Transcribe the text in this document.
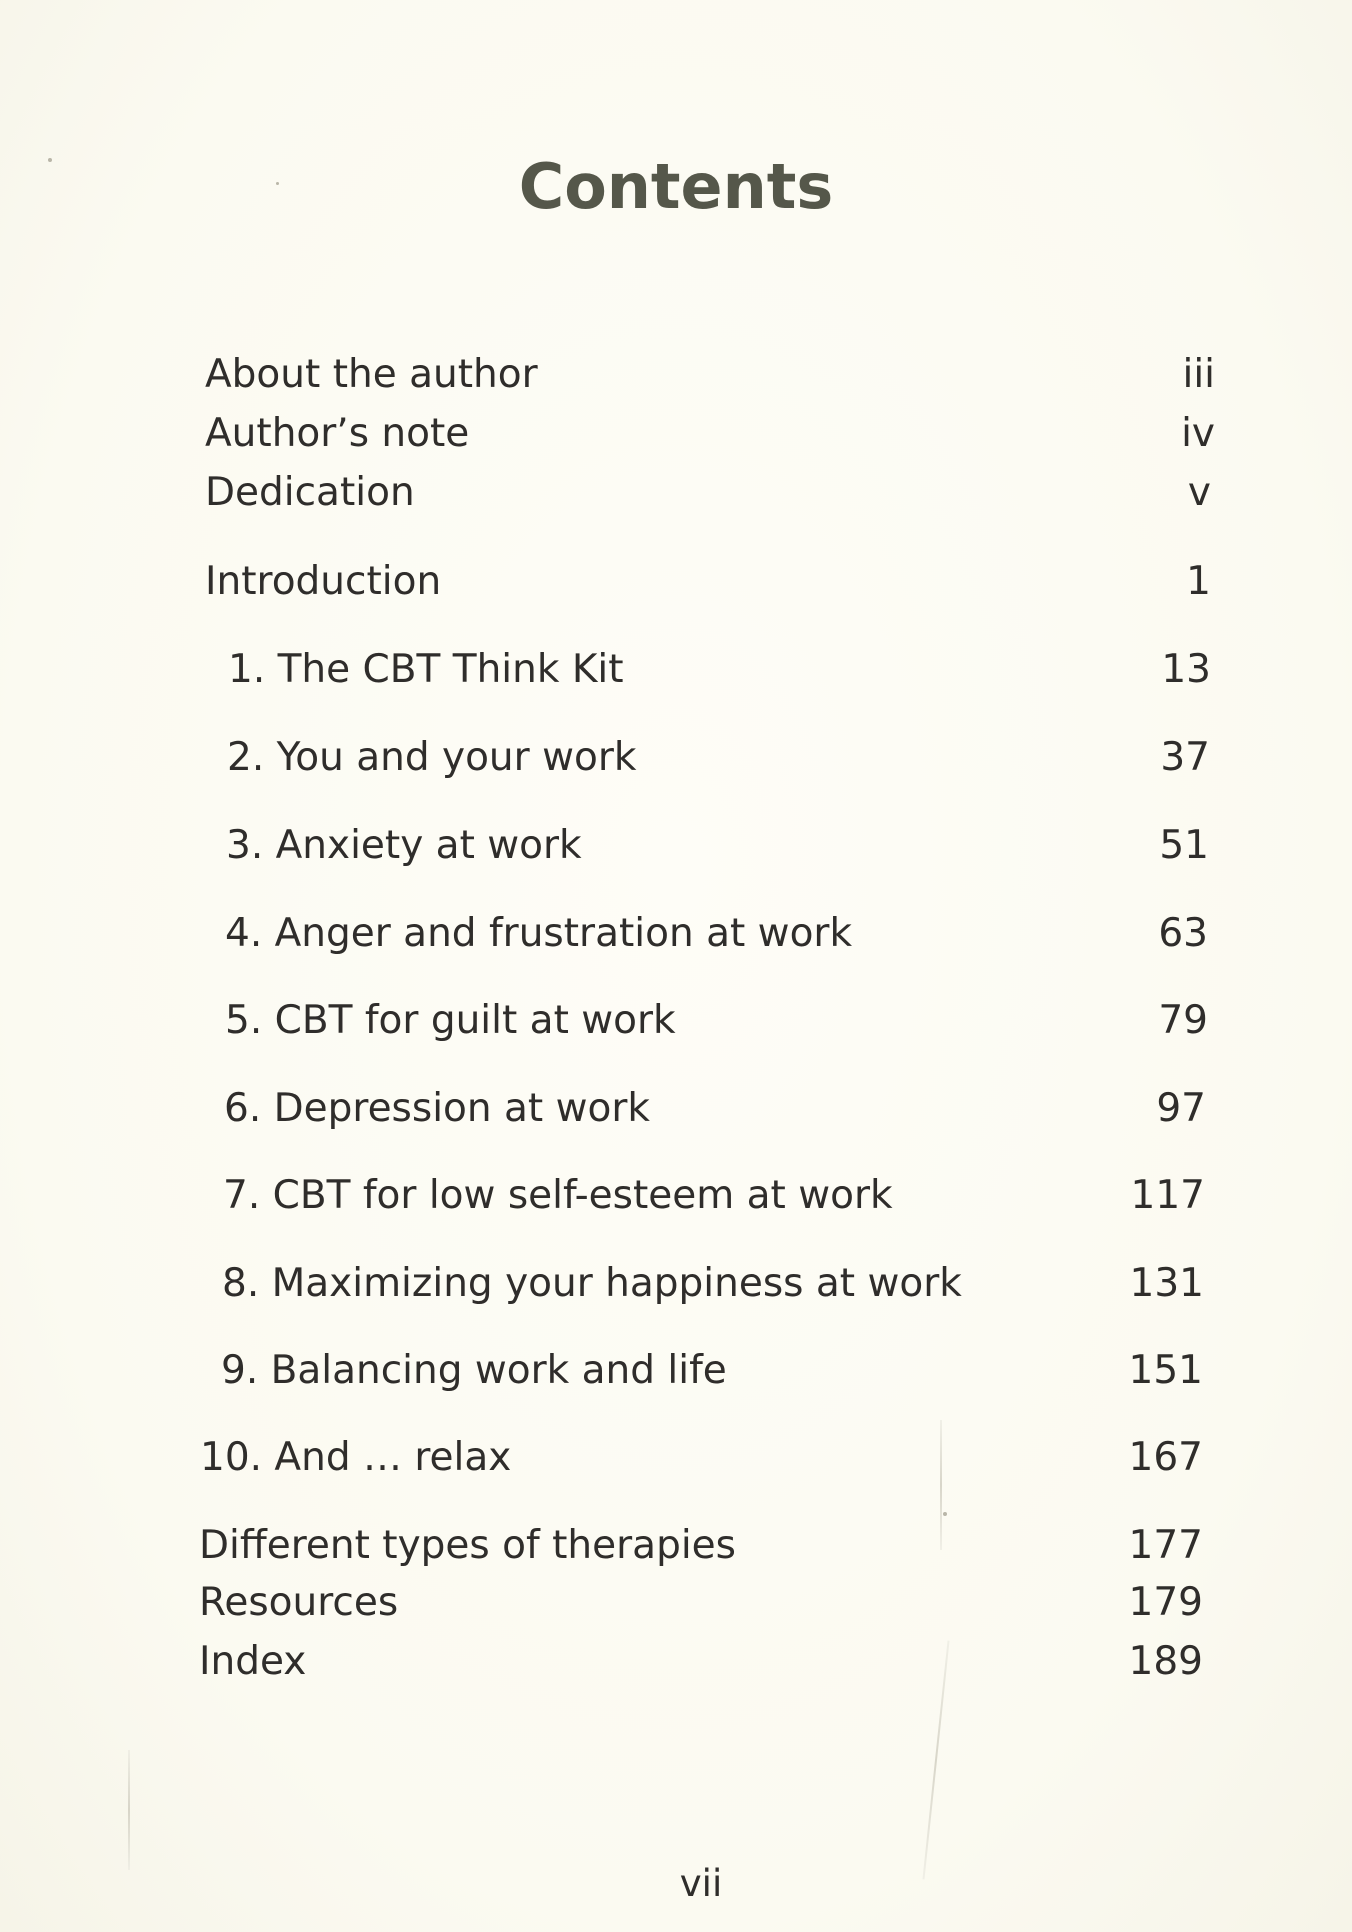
Contents
About the author	iii
Author’s note	iv
Dedication	v
Introduction	1
1. The CBT Think Kit	13
2. You and your work	37
3. Anxiety at work	51
4. Anger and frustration at work	63
5. CBT for guilt at work	79
6. Depression at work	97
7. CBT for low self-esteem at work	117
8. Maximizing your happiness at work	131
9. Balancing work and life	151
10. And … relax	167
Different types of therapies	177
Resources	179
Index	189
vii
